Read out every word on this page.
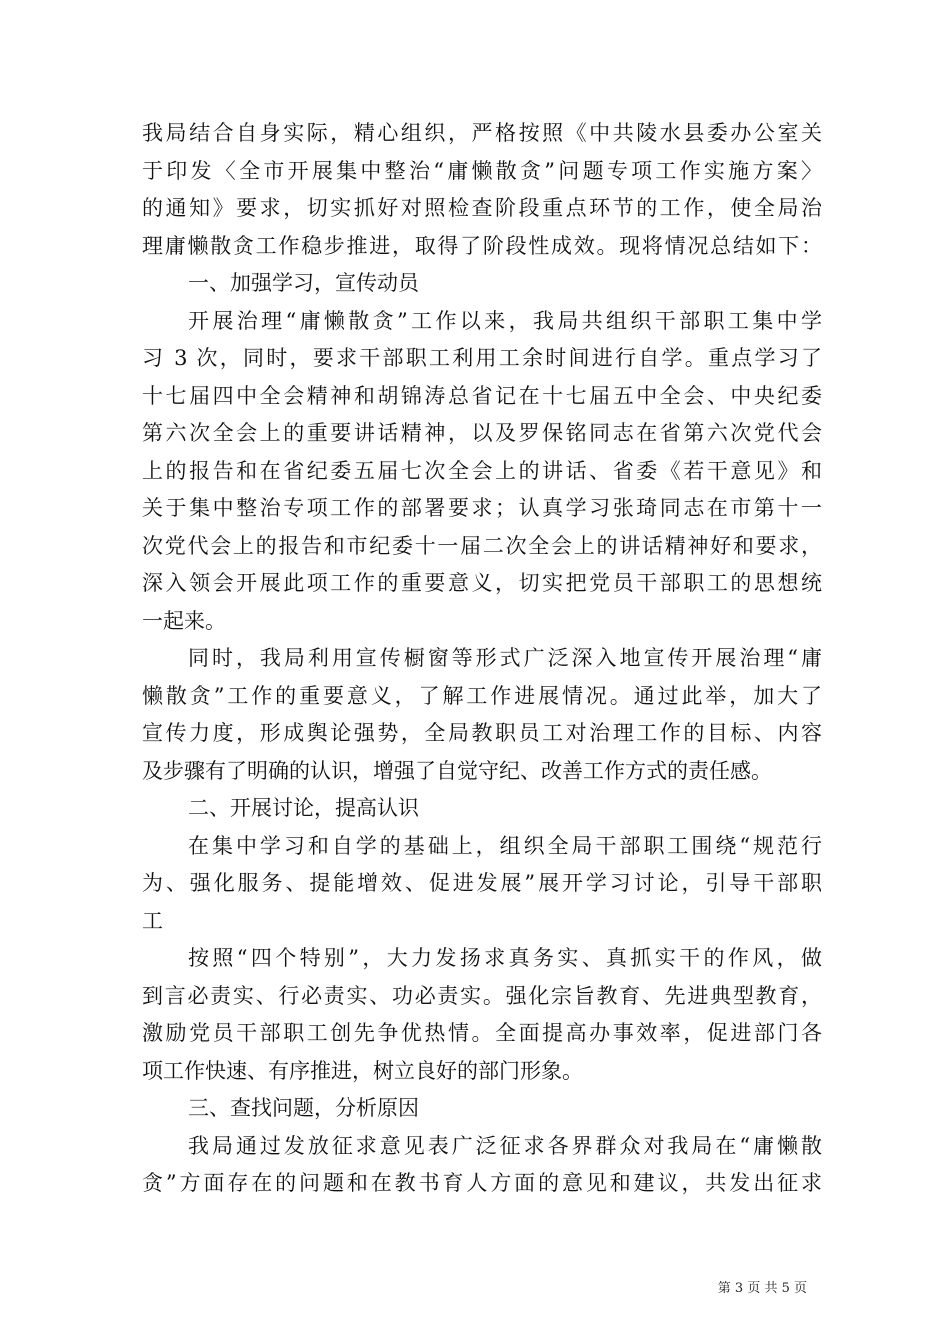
我局结合自身实际，精心组织，严格按照《中共陵水县委办公室关
于印发〈全市开展集中整治“庸懒散贪”问题专项工作实施方案〉
的通知》要求，切实抓好对照检查阶段重点环节的工作，使全局治
理庸懒散贪工作稳步推进，取得了阶段性成效。现将情况总结如下：
一、加强学习，宣传动员
开展治理“庸懒散贪”工作以来，我局共组织干部职工集中学
习 3 次，同时，要求干部职工利用工余时间进行自学。重点学习了
十七届四中全会精神和胡锦涛总省记在十七届五中全会、中央纪委
第六次全会上的重要讲话精神，以及罗保铭同志在省第六次党代会
上的报告和在省纪委五届七次全会上的讲话、省委《若干意见》和
关于集中整治专项工作的部署要求；认真学习张琦同志在市第十一
次党代会上的报告和市纪委十一届二次全会上的讲话精神好和要求，
深入领会开展此项工作的重要意义，切实把党员干部职工的思想统
一起来。
同时，我局利用宣传橱窗等形式广泛深入地宣传开展治理“庸
懒散贪”工作的重要意义，了解工作进展情况。通过此举，加大了
宣传力度，形成舆论强势，全局教职员工对治理工作的目标、内容
及步骤有了明确的认识，增强了自觉守纪、改善工作方式的责任感。
二、开展讨论，提高认识
在集中学习和自学的基础上，组织全局干部职工围绕“规范行
为、强化服务、提能增效、促进发展”展开学习讨论，引导干部职
工
按照“四个特别”，大力发扬求真务实、真抓实干的作风，做
到言必责实、行必责实、功必责实。强化宗旨教育、先进典型教育，
激励党员干部职工创先争优热情。全面提高办事效率，促进部门各
项工作快速、有序推进，树立良好的部门形象。
三、查找问题，分析原因
我局通过发放征求意见表广泛征求各界群众对我局在“庸懒散
贪”方面存在的问题和在教书育人方面的意见和建议，共发出征求
第 3 页 共 5 页
